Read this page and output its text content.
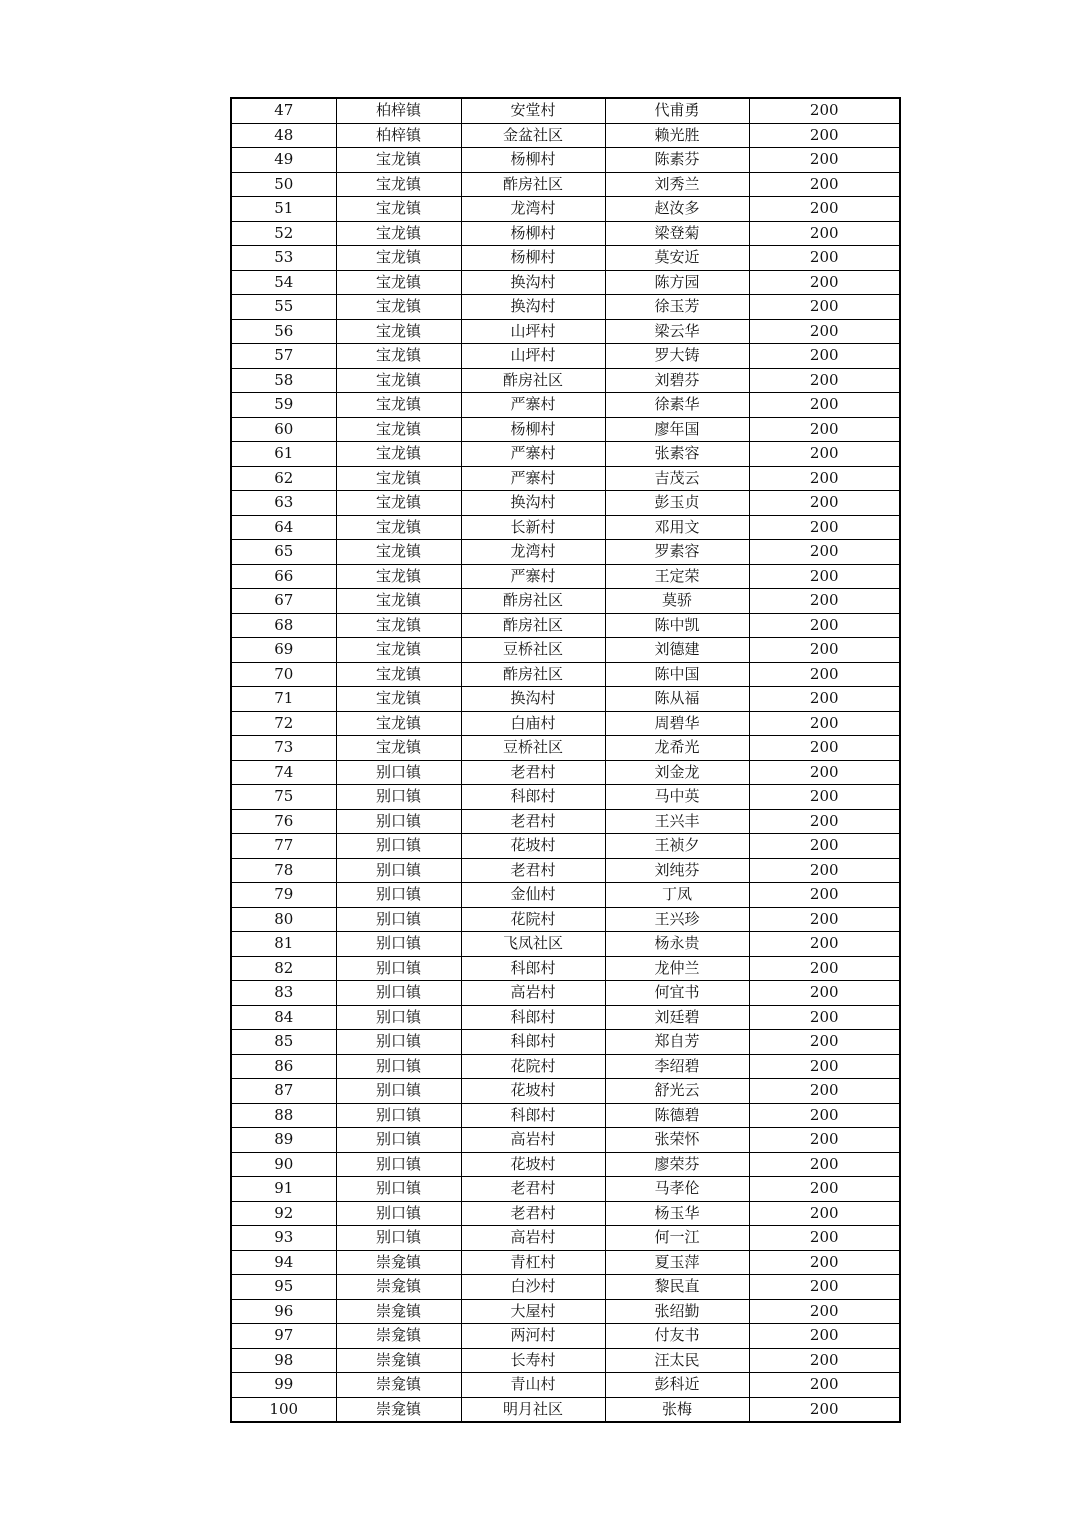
47	柏梓镇	安堂村	代甫勇	200
48	柏梓镇	金盆社区	赖光胜	200
49	宝龙镇	杨柳村	陈素芬	200
50	宝龙镇	酢房社区	刘秀兰	200
51	宝龙镇	龙湾村	赵汝多	200
52	宝龙镇	杨柳村	梁登菊	200
53	宝龙镇	杨柳村	莫安近	200
54	宝龙镇	换沟村	陈方园	200
55	宝龙镇	换沟村	徐玉芳	200
56	宝龙镇	山坪村	梁云华	200
57	宝龙镇	山坪村	罗大铸	200
58	宝龙镇	酢房社区	刘碧芬	200
59	宝龙镇	严寨村	徐素华	200
60	宝龙镇	杨柳村	廖年国	200
61	宝龙镇	严寨村	张素容	200
62	宝龙镇	严寨村	吉茂云	200
63	宝龙镇	换沟村	彭玉贞	200
64	宝龙镇	长新村	邓用文	200
65	宝龙镇	龙湾村	罗素容	200
66	宝龙镇	严寨村	王定荣	200
67	宝龙镇	酢房社区	莫骄	200
68	宝龙镇	酢房社区	陈中凯	200
69	宝龙镇	豆桥社区	刘德建	200
70	宝龙镇	酢房社区	陈中国	200
71	宝龙镇	换沟村	陈从福	200
72	宝龙镇	白庙村	周碧华	200
73	宝龙镇	豆桥社区	龙希光	200
74	别口镇	老君村	刘金龙	200
75	别口镇	科郎村	马中英	200
76	别口镇	老君村	王兴丰	200
77	别口镇	花坡村	王祯夕	200
78	别口镇	老君村	刘纯芬	200
79	别口镇	金仙村	丁凤	200
80	别口镇	花院村	王兴珍	200
81	别口镇	飞凤社区	杨永贵	200
82	别口镇	科郎村	龙仲兰	200
83	别口镇	高岩村	何宜书	200
84	别口镇	科郎村	刘廷碧	200
85	别口镇	科郎村	郑自芳	200
86	别口镇	花院村	李绍碧	200
87	别口镇	花坡村	舒光云	200
88	别口镇	科郎村	陈德碧	200
89	别口镇	高岩村	张荣怀	200
90	别口镇	花坡村	廖荣芬	200
91	别口镇	老君村	马孝伦	200
92	别口镇	老君村	杨玉华	200
93	别口镇	高岩村	何一江	200
94	崇龛镇	青杠村	夏玉萍	200
95	崇龛镇	白沙村	黎民直	200
96	崇龛镇	大屋村	张绍勤	200
97	崇龛镇	两河村	付友书	200
98	崇龛镇	长寿村	汪太民	200
99	崇龛镇	青山村	彭科近	200
100	崇龛镇	明月社区	张梅	200
